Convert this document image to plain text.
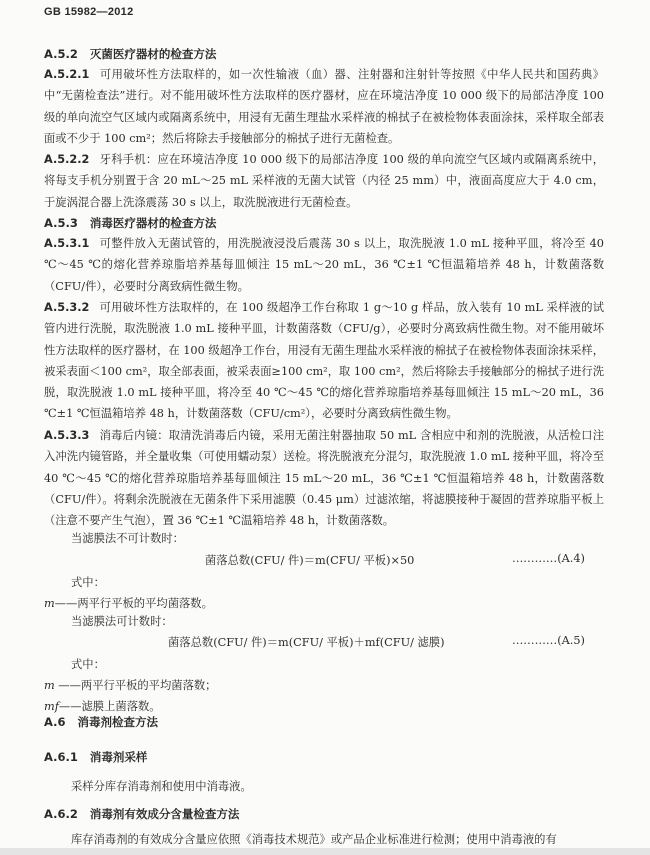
GB 15982—2012
A.5.2 灭菌医疗器材的检查方法
A.5.2.1 可用破坏性方法取样的，如一次性输液（血）器、注射器和注射针等按照《中华人民共和国药典》中“无菌检查法”进行。对不能用破坏性方法取样的医疗器材，应在环境洁净度 10 000 级下的局部洁净度 100 级的单向流空气区域内或隔离系统中，用浸有无菌生理盐水采样液的棉拭子在被检物体表面涂抹，采样取全部表面或不少于 100 cm²；然后将除去手接触部分的棉拭子进行无菌检查。
A.5.2.2 牙科手机：应在环境洁净度 10 000 级下的局部洁净度 100 级的单向流空气区域内或隔离系统中，将每支手机分别置于含 20 mL～25 mL 采样液的无菌大试管（内径 25 mm）中，液面高度应大于 4.0 cm，于旋涡混合器上洗涤震荡 30 s 以上，取洗脱液进行无菌检查。
A.5.3 消毒医疗器材的检查方法
A.5.3.1 可整件放入无菌试管的，用洗脱液浸没后震荡 30 s 以上，取洗脱液 1.0 mL 接种平皿，将冷至 40 ℃～45 ℃的熔化营养琼脂培养基每皿倾注 15 mL～20 mL，36 ℃±1 ℃恒温箱培养 48 h，计数菌落数（CFU/件），必要时分离致病性微生物。
A.5.3.2 可用破坏性方法取样的，在 100 级超净工作台称取 1 g～10 g 样品，放入装有 10 mL 采样液的试管内进行洗脱，取洗脱液 1.0 mL 接种平皿，计数菌落数（CFU/g），必要时分离致病性微生物。对不能用破坏性方法取样的医疗器材，在 100 级超净工作台，用浸有无菌生理盐水采样液的棉拭子在被检物体表面涂抹采样，被采表面＜100 cm²，取全部表面，被采表面≥100 cm²，取 100 cm²，然后将除去手接触部分的棉拭子进行洗脱，取洗脱液 1.0 mL 接种平皿，将冷至 40 ℃～45 ℃的熔化营养琼脂培养基每皿倾注 15 mL～20 mL，36 ℃±1 ℃恒温箱培养 48 h，计数菌落数（CFU/cm²），必要时分离致病性微生物。
A.5.3.3 消毒后内镜：取清洗消毒后内镜，采用无菌注射器抽取 50 mL 含相应中和剂的洗脱液，从活检口注入冲洗内镜管路，并全量收集（可使用蠕动泵）送检。将洗脱液充分混匀，取洗脱液 1.0 mL 接种平皿，将冷至 40 ℃～45 ℃的熔化营养琼脂培养基每皿倾注 15 mL～20 mL，36 ℃±1 ℃恒温箱培养 48 h，计数菌落数（CFU/件）。将剩余洗脱液在无菌条件下采用滤膜（0.45 μm）过滤浓缩，将滤膜接种于凝固的营养琼脂平板上（注意不要产生气泡），置 36 ℃±1 ℃温箱培养 48 h，计数菌落数。
当滤膜法不可计数时：
菌落总数(CFU/ 件)＝m(CFU/ 平板)×50	…………(A.4)
式中：
m——两平行平板的平均菌落数。
当滤膜法可计数时：
菌落总数(CFU/ 件)＝m(CFU/ 平板)＋mf(CFU/ 滤膜)	…………(A.5)
式中：
m ——两平行平板的平均菌落数；
mf——滤膜上菌落数。
A.6 消毒剂检查方法
A.6.1 消毒剂采样
采样分库存消毒剂和使用中消毒液。
A.6.2 消毒剂有效成分含量检查方法
库存消毒剂的有效成分含量应依照《消毒技术规范》或产品企业标准进行检测；使用中消毒液的有
